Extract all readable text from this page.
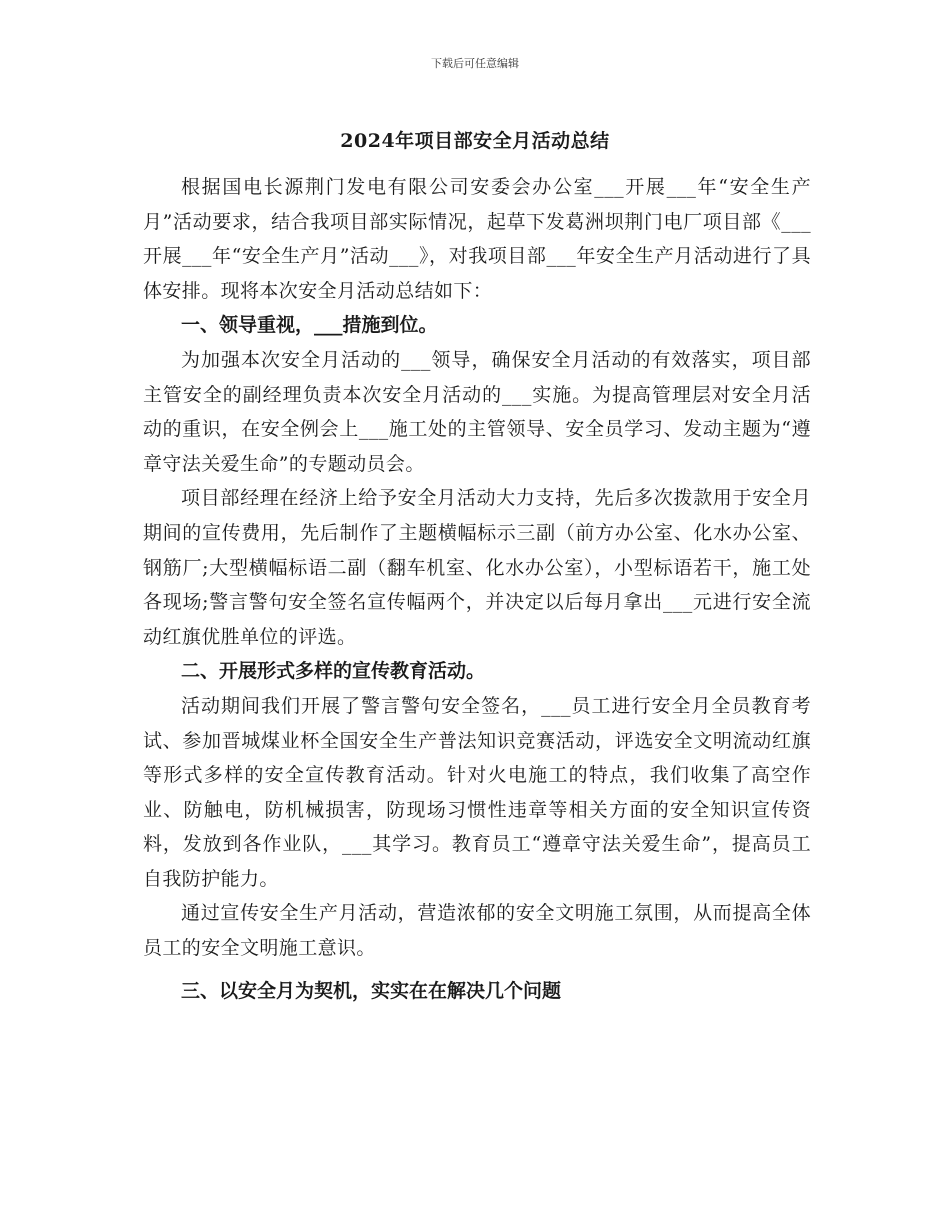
下载后可任意编辑
2024年项目部安全月活动总结

根据国电长源荆门发电有限公司安委会办公室___开展___年“安全生产月”活动要求，结合我项目部实际情况，起草下发葛洲坝荆门电厂项目部《___开展___年“安全生产月”活动___》，对我项目部___年安全生产月活动进行了具体安排。现将本次安全月活动总结如下：

一、领导重视，___措施到位。

为加强本次安全月活动的___领导，确保安全月活动的有效落实，项目部主管安全的副经理负责本次安全月活动的___实施。为提高管理层对安全月活动的重识，在安全例会上___施工处的主管领导、安全员学习、发动主题为“遵章守法关爱生命”的专题动员会。

项目部经理在经济上给予安全月活动大力支持，先后多次拨款用于安全月期间的宣传费用，先后制作了主题横幅标示三副（前方办公室、化水办公室、钢筋厂;大型横幅标语二副（翻车机室、化水办公室），小型标语若干，施工处各现场;警言警句安全签名宣传幅两个，并决定以后每月拿出___元进行安全流动红旗优胜单位的评选。

二、开展形式多样的宣传教育活动。

活动期间我们开展了警言警句安全签名，___员工进行安全月全员教育考试、参加晋城煤业杯全国安全生产普法知识竞赛活动，评选安全文明流动红旗等形式多样的安全宣传教育活动。针对火电施工的特点，我们收集了高空作业、防触电，防机械损害，防现场习惯性违章等相关方面的安全知识宣传资料，发放到各作业队，___其学习。教育员工“遵章守法关爱生命”，提高员工自我防护能力。

通过宣传安全生产月活动，营造浓郁的安全文明施工氛围，从而提高全体员工的安全文明施工意识。

三、以安全月为契机，实实在在解决几个问题
